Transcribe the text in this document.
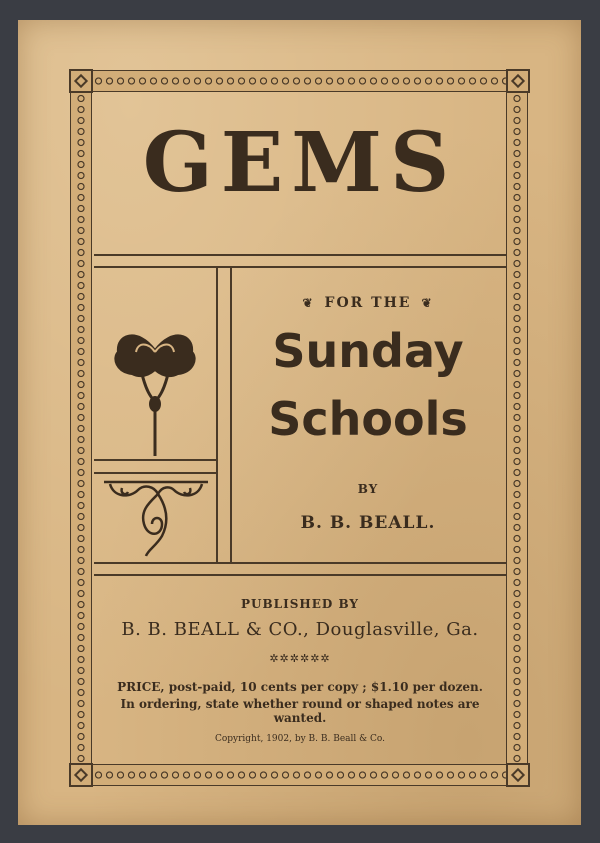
GEMS
❦ FOR THE ❦
Sunday
Schools
BY
B. B. BEALL.
PUBLISHED BY
B. B. BEALL & CO., Douglasville, Ga.
✲✲✲✲✲✲
PRICE, post-paid, 10 cents per copy ; $1.10 per dozen.
In ordering, state whether round or shaped notes are wanted.
Copyright, 1902, by B. B. Beall & Co.
